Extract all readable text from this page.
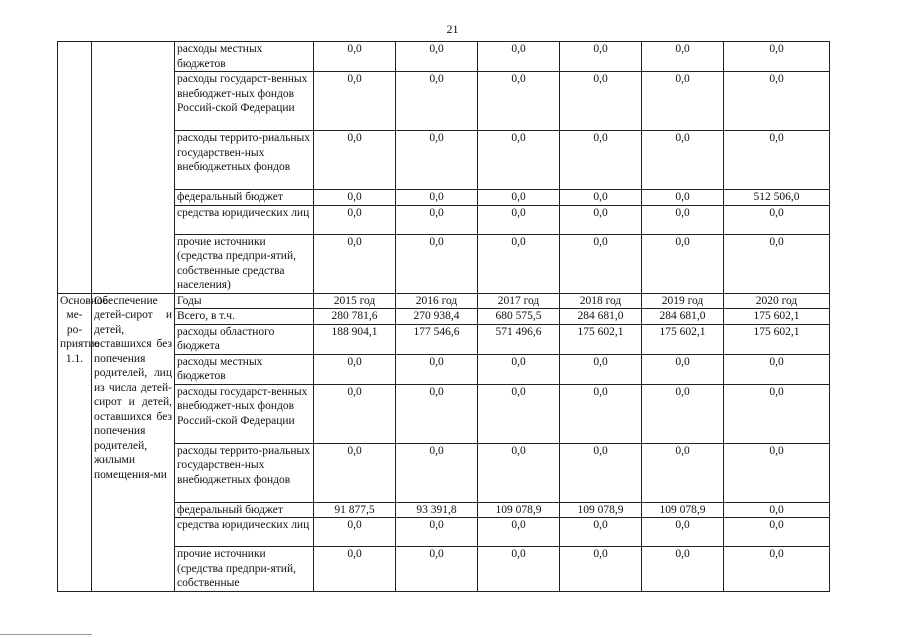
21
		расходы местных бюджетов	0,0	0,0	0,0	0,0	0,0	0,0
		расходы государст-венных внебюджет-ных фондов Россий-ской Федерации	0,0	0,0	0,0	0,0	0,0	0,0
		расходы террито-риальных государствен-ных внебюджетных фондов	0,0	0,0	0,0	0,0	0,0	0,0
		федеральный бюджет	0,0	0,0	0,0	0,0	0,0	512 506,0
		средства юридических лиц	0,0	0,0	0,0	0,0	0,0	0,0
		прочие источники (средства предпри-ятий, собственные средства населения)	0,0	0,0	0,0	0,0	0,0	0,0
Основное ме-ро-приятие 1.1.	Обеспечение детей-сирот и детей, оставшихся без попечения родителей, лиц из числа детей-сирот и детей, оставшихся без попечения родителей, жилыми помещения-ми	Годы	2015 год	2016 год	2017 год	2018 год	2019 год	2020 год
		Всего, в т.ч.	280 781,6	270 938,4	680 575,5	284 681,0	284 681,0	175 602,1
		расходы областного бюджета	188 904,1	177 546,6	571 496,6	175 602,1	175 602,1	175 602,1
		расходы местных бюджетов	0,0	0,0	0,0	0,0	0,0	0,0
		расходы государст-венных внебюджет-ных фондов Россий-ской Федерации	0,0	0,0	0,0	0,0	0,0	0,0
		расходы террито-риальных государствен-ных внебюджетных фондов	0,0	0,0	0,0	0,0	0,0	0,0
		федеральный бюджет	91 877,5	93 391,8	109 078,9	109 078,9	109 078,9	0,0
		средства юридических лиц	0,0	0,0	0,0	0,0	0,0	0,0
		прочие источники (средства предпри-ятий, собственные	0,0	0,0	0,0	0,0	0,0	0,0
